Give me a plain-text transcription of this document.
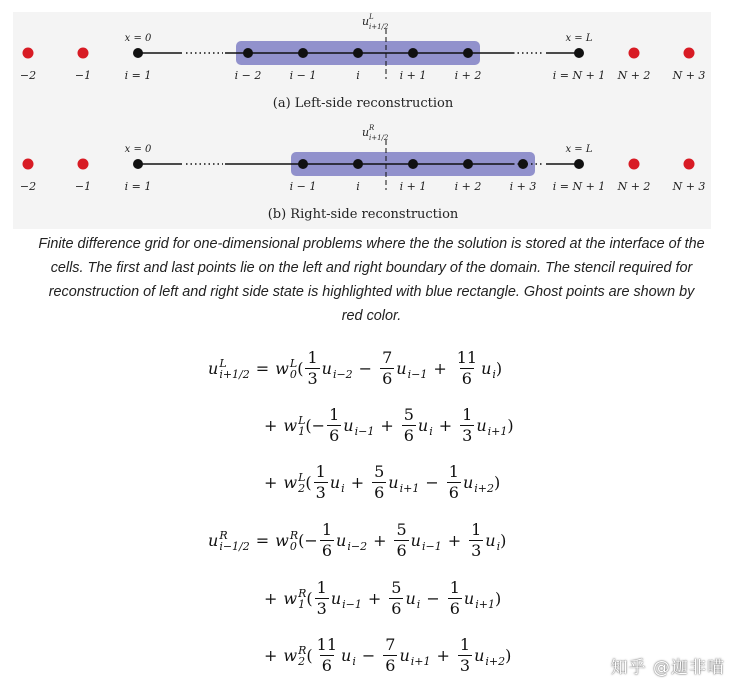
−2	−1	i = 1
x = 0	x = L
i − 2	i − 1	i	i + 1	i + 2	i = N + 1 N + 2 N + 3
u L
i+1/2
(a) Left-side reconstruction
−2	−1	i = 1
x = 0	x = L
i − 1	i	i + 1	i + 2	i + 3 i = N + 1 N + 2 N + 3
u R
i+1/2
(b) Right-side reconstruction
Finite difference grid for one-dimensional problems where the the solution is stored at the interface of the
cells. The first and last points lie on the left and right boundary of the domain. The stencil required for
reconstruction of left and right side state is highlighted with blue rectangle. Ghost points are shown by
red color.
u L
i+1/2 = w L
0 ( $\frac{1}{3}$ u
$i-2 - \frac{7}{6}$ u
$i-1 + \frac{11}{6}$ u
i )
+ w L
1 ( − $\frac{1}{6}$ u
$i-1 + \frac{5}{6}$ u
$i + \frac{1}{3}$ u
i+1 )
+ w L
2 ( $\frac{1}{3}$ u
$i + \frac{5}{6}$ u
$i+1 - \frac{1}{6}$ u
i+2 )
u R
i−1/2 = w R
0 ( − $\frac{1}{6}$ u
$i-2 + \frac{5}{6}$ u
$i-1 + \frac{1}{3}$ u
i )
+ w R
1 ( $\frac{1}{3}$ u
$i-1 + \frac{5}{6}$ u
$i - \frac{1}{6}$ u
i+1 )
+ w R
2 ( $\frac{11}{6}$ u
$i - \frac{7}{6}$ u
$i+1 + \frac{1}{3}$ u
i+2 )
知乎 @迦非喵
